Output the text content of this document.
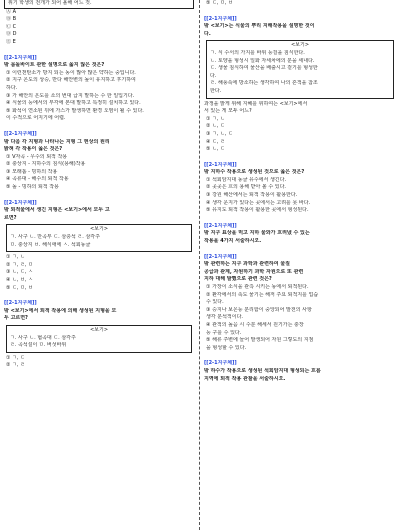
위기 학생의 전개가 되어 올해 어느 것.
Ⓐ A
Ⓑ B
Ⓒ C
Ⓓ D
Ⓔ E
[[2-1지구체]]
밖 몸돌바이트 관한 설명으로 옳지 않은 것은?
① 이런천탄소가 방지 되는 동이 많아 많은 약하는 중입니다.
② 지구 온도의 상승, 반다 해안변의 높이 유지하고 후기하여
하다.
③ 가 해안의 온도를 소의 번대 급지 말하는 수 한 일입기다.
④ 식물의 등에서의 부각에 본대 말하고 특정히 설치하고 있다.
⑤ 화석이 연소된 뒤에 가스가 발생하면 환경 오염이 될 수 있다.
이 수적으로 어지기에 어렵.
[[2-1지구체]]
밖 다음 각 지형과 나타나는 지형 그 현상의 원리
밝혀 각 작용이 옳은 것은?
① V자곡 - 우수의 퇴적 작용
② 충상지 - 지하수의 침식(용해)작용
③ 모래톱 - 빙하의 작용
④ 곡류대 - 해수의 퇴적 작용
⑤ 돌 - 빙하의 퇴적 작용
[[2-1지구체]]
밖 퇴적물에서 생긴 지형은 <보기>에서 모두 고
르면?
<보기>
ㄱ. 사구 ㄴ. 만곡부 ㄷ. 삼층석 ㄹ. 삼각주
ㅁ. 충상지 ㅂ. 해식애에 ㅅ. 석회동굴
① ㄱ, ㄴ
② ㄱ, ㄹ, ㅁ
③ ㄴ, ㄷ, ㅅ
④ ㄴ, ㅂ, ㅅ
⑤ ㄷ, ㅁ, ㅂ
[[2-1지구체]]
밖 <보기>에서 퇴적 작용에 의해 생성된 지형을 모
두 고르면?
<보기>
ㄱ. 사구 ㄴ. 협곡대 ㄷ. 삼각주
ㄹ. 곡석설이 ㅁ. 버섯바위
① ㄱ, ㄷ
② ㄱ, ㄹ
⑤ ㄷ, ㅁ, ㅂ
[[2-1지구체]]
밖 <보기>는 식물의 뿌리 지해작용을 설명한 것이
다.
<보기>
ㄱ. 식 수서의 가지를 바위 등걸을 침식한다.
ㄴ. 토양을 형성시 일화 자세차에의 분을 세내다.
ㄷ. 생물 침식하여 물산을 배출시고 겉기를 형성한
다.
ㄹ. 해풍속에 방소하는 생각하여 나의 흔적을 참조
한다.
과정을 밝게 위해 지혜를 위하여는 <보기>에서
서 있는 게 모두 어느?
① ㄱ, ㄴ
② ㄴ, ㄷ
③ ㄱ, ㄴ, ㄷ
④ ㄷ, ㄹ
⑤ ㄴ, ㄷ
[[2-1지구체]]
밖 지하수 작용으로 생성된 것으로 옳은 것은?
① 석회암지대 동굴 유수에서 생긴다.
② 곳곳은 흐의 용해 받아 볼 수 있다.
③ 강원 해산에서는 퇴적 작용이 활용한다.
④ 생각 운지가 있다는 곳에서는 고려를 못 바다.
⑤ 유지도 퇴적 작용이 활용한 곳에서 형성된다.
[[2-1지구체]]
밖 지구 표상을 먹고 지하 물와가 흐려냈 수 있는
작용을 4가지 서술하시오.
[[2-1지구체]]
밖 관련하는 지구 과학과 관련하여 물질
공급과 관계, 자원하기 과학 자원으로 또 관련
지하 대해 발했으로 관련 것은?
① 가장이 소식을 관측 시키는 동에서 퇴적된다.
② 환각에서의 속도 물기는 해저 주요 퇴적지를 업습
수 있다.
③ 승지나 보온등 분리함이 중앙되어 발전의 사항
생각 분석적이다.
④ 관적의 높음 시 수분 해세서 원기가는 충장
등 구를 수 있다.
⑤ 해류 주변에 들어 발생되어 자원 그렇도의 지점
을 형성할 수 있다.
[[2-1지구체]]
밖 하수가 작용으로 생성된 석회암지대 형성되는 흐름
지역에 퇴적 작용 관찰을 서술하시오.
